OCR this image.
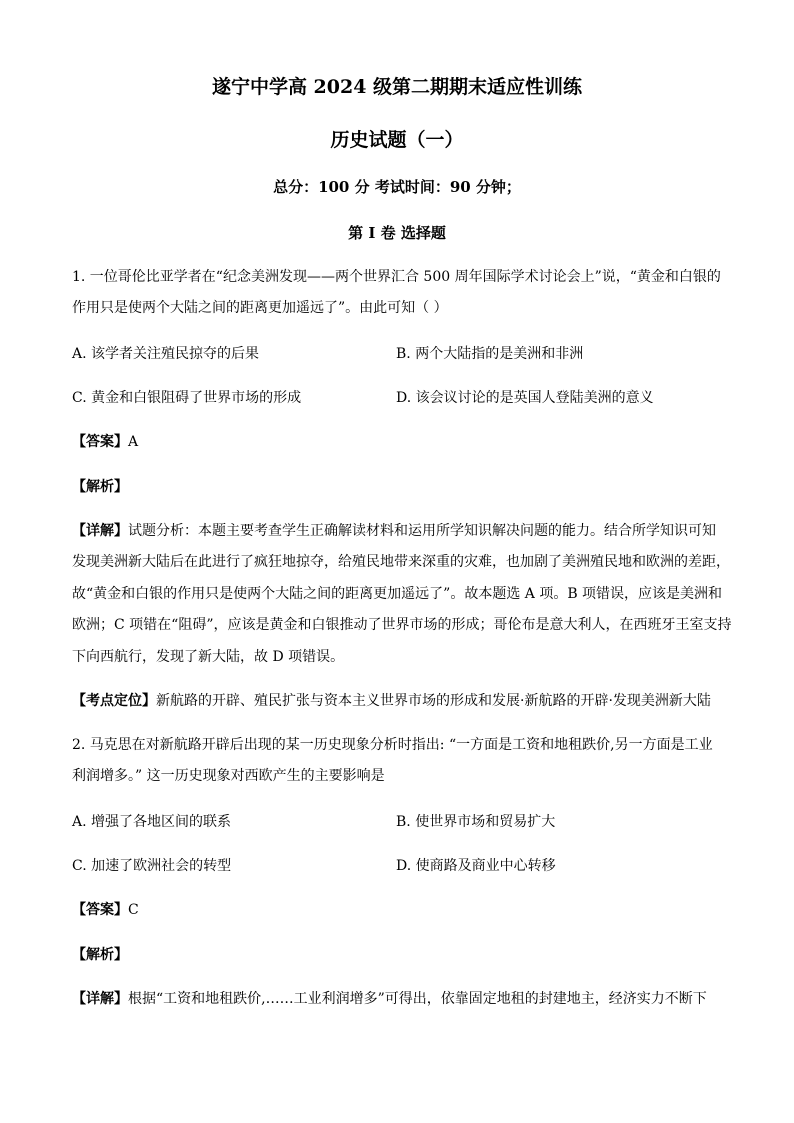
遂宁中学高 2024 级第二期期末适应性训练
历史试题（一）
总分：100 分 考试时间：90 分钟；
第 I 卷 选择题
1. 一位哥伦比亚学者在“纪念美洲发现——两个世界汇合 500 周年国际学术讨论会上”说，“黄金和白银的
作用只是使两个大陆之间的距离更加遥远了”。由此可知（ ）
A. 该学者关注殖民掠夺的后果	B. 两个大陆指的是美洲和非洲
C. 黄金和白银阻碍了世界市场的形成	D. 该会议讨论的是英国人登陆美洲的意义
【答案】A
【解析】
【详解】试题分析：本题主要考查学生正确解读材料和运用所学知识解决问题的能力。结合所学知识可知
发现美洲新大陆后在此进行了疯狂地掠夺，给殖民地带来深重的灾难，也加剧了美洲殖民地和欧洲的差距，
故“黄金和白银的作用只是使两个大陆之间的距离更加遥远了”。故本题选 A 项。B 项错误，应该是美洲和
欧洲；C 项错在“阻碍”，应该是黄金和白银推动了世界市场的形成；哥伦布是意大利人，在西班牙王室支持
下向西航行，发现了新大陆，故 D 项错误。
【考点定位】新航路的开辟、殖民扩张与资本主义世界市场的形成和发展·新航路的开辟·发现美洲新大陆
2. 马克思在对新航路开辟后出现的某一历史现象分析时指出: “一方面是工资和地租跌价,另一方面是工业
利润增多。” 这一历史现象对西欧产生的主要影响是
A. 增强了各地区间的联系	B. 使世界市场和贸易扩大
C. 加速了欧洲社会的转型	D. 使商路及商业中心转移
【答案】C
【解析】
【详解】根据“工资和地租跌价,……工业利润增多”可得出，依靠固定地租的封建地主，经济实力不断下
